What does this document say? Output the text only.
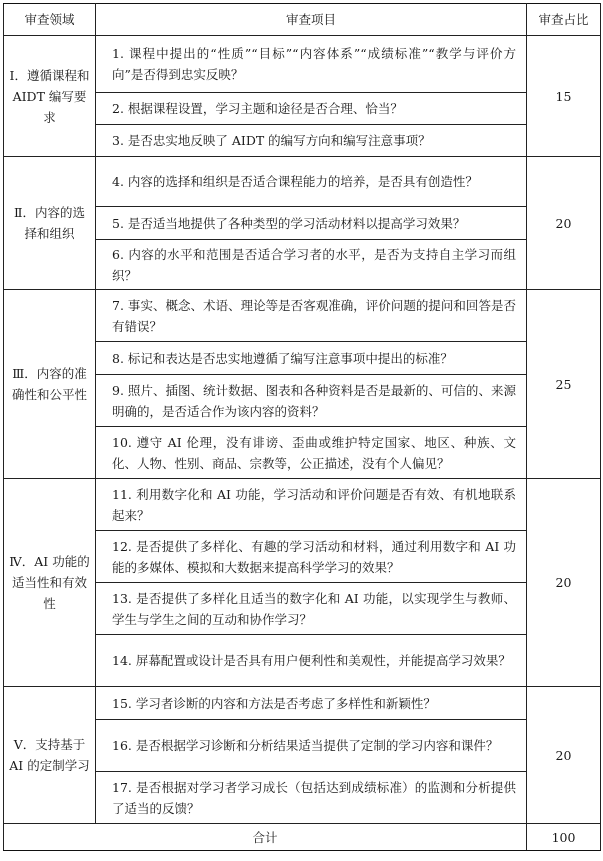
审查领域	审查项目	审查占比
Ⅰ．遵循课程和 AIDT 编写要求	1. 课程中提出的“性质”“目标”“内容体系”“成绩标准”“教学与评价方向”是否得到忠实反映？	15
	2. 根据课程设置，学习主题和途径是否合理、恰当？	
	3. 是否忠实地反映了 AIDT 的编写方向和编写注意事项？	
Ⅱ．内容的选择和组织	4. 内容的选择和组织是否适合课程能力的培养，是否具有创造性？	20
	5. 是否适当地提供了各种类型的学习活动材料以提高学习效果？	
	6. 内容的水平和范围是否适合学习者的水平，是否为支持自主学习而组织？	
Ⅲ．内容的准确性和公平性	7. 事实、概念、术语、理论等是否客观准确，评价问题的提问和回答是否有错误？	25
	8. 标记和表达是否忠实地遵循了编写注意事项中提出的标准？	
	9. 照片、插图、统计数据、图表和各种资料是否是最新的、可信的、来源明确的，是否适合作为该内容的资料？	
	10. 遵守 AI 伦理，没有诽谤、歪曲或维护特定国家、地区、种族、文化、人物、性别、商品、宗教等，公正描述，没有个人偏见？	
Ⅳ．AI 功能的适当性和有效性	11. 利用数字化和 AI 功能，学习活动和评价问题是否有效、有机地联系起来？	20
	12. 是否提供了多样化、有趣的学习活动和材料，通过利用数字和 AI 功能的多媒体、模拟和大数据来提高科学学习的效果？	
	13. 是否提供了多样化且适当的数字化和 AI 功能，以实现学生与教师、学生与学生之间的互动和协作学习？	
	14. 屏幕配置或设计是否具有用户便利性和美观性，并能提高学习效果？	
Ⅴ．支持基于 AI 的定制学习	15. 学习者诊断的内容和方法是否考虑了多样性和新颖性？	20
	16. 是否根据学习诊断和分析结果适当提供了定制的学习内容和课件？	
	17. 是否根据对学习者学习成长（包括达到成绩标准）的监测和分析提供了适当的反馈？	
合计		100
